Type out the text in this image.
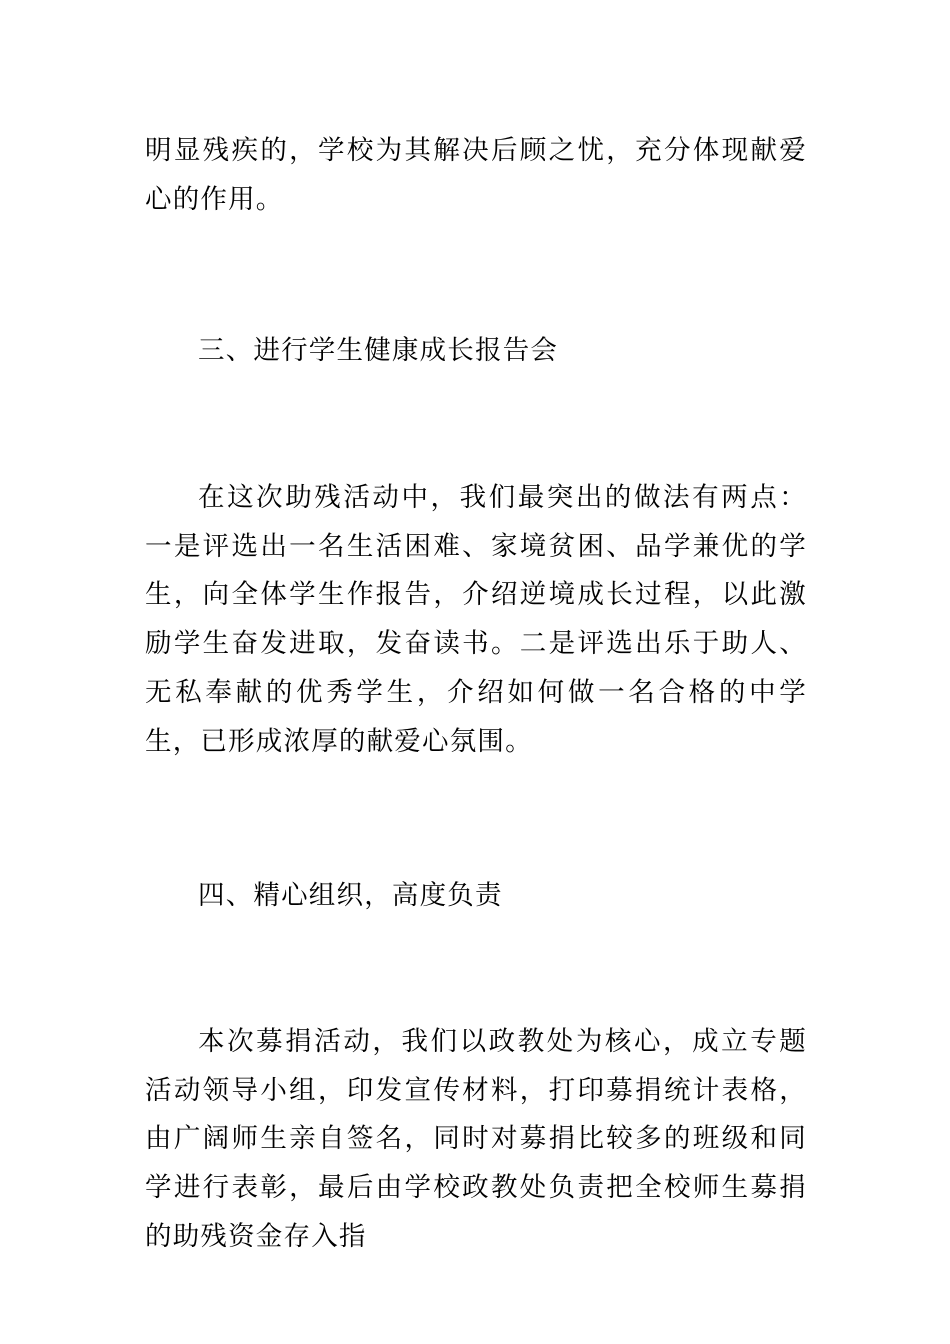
明显残疾的，学校为其解决后顾之忧，充分体现献爱心的作用。

三、进行学生健康成长报告会

在这次助残活动中，我们最突出的做法有两点：一是评选出一名生活困难、家境贫困、品学兼优的学生，向全体学生作报告，介绍逆境成长过程，以此激励学生奋发进取，发奋读书。二是评选出乐于助人、无私奉献的优秀学生，介绍如何做一名合格的中学生，已形成浓厚的献爱心氛围。

四、精心组织，高度负责

本次募捐活动，我们以政教处为核心，成立专题活动领导小组，印发宣传材料，打印募捐统计表格，由广阔师生亲自签名，同时对募捐比较多的班级和同学进行表彰，最后由学校政教处负责把全校师生募捐的助残资金存入指
